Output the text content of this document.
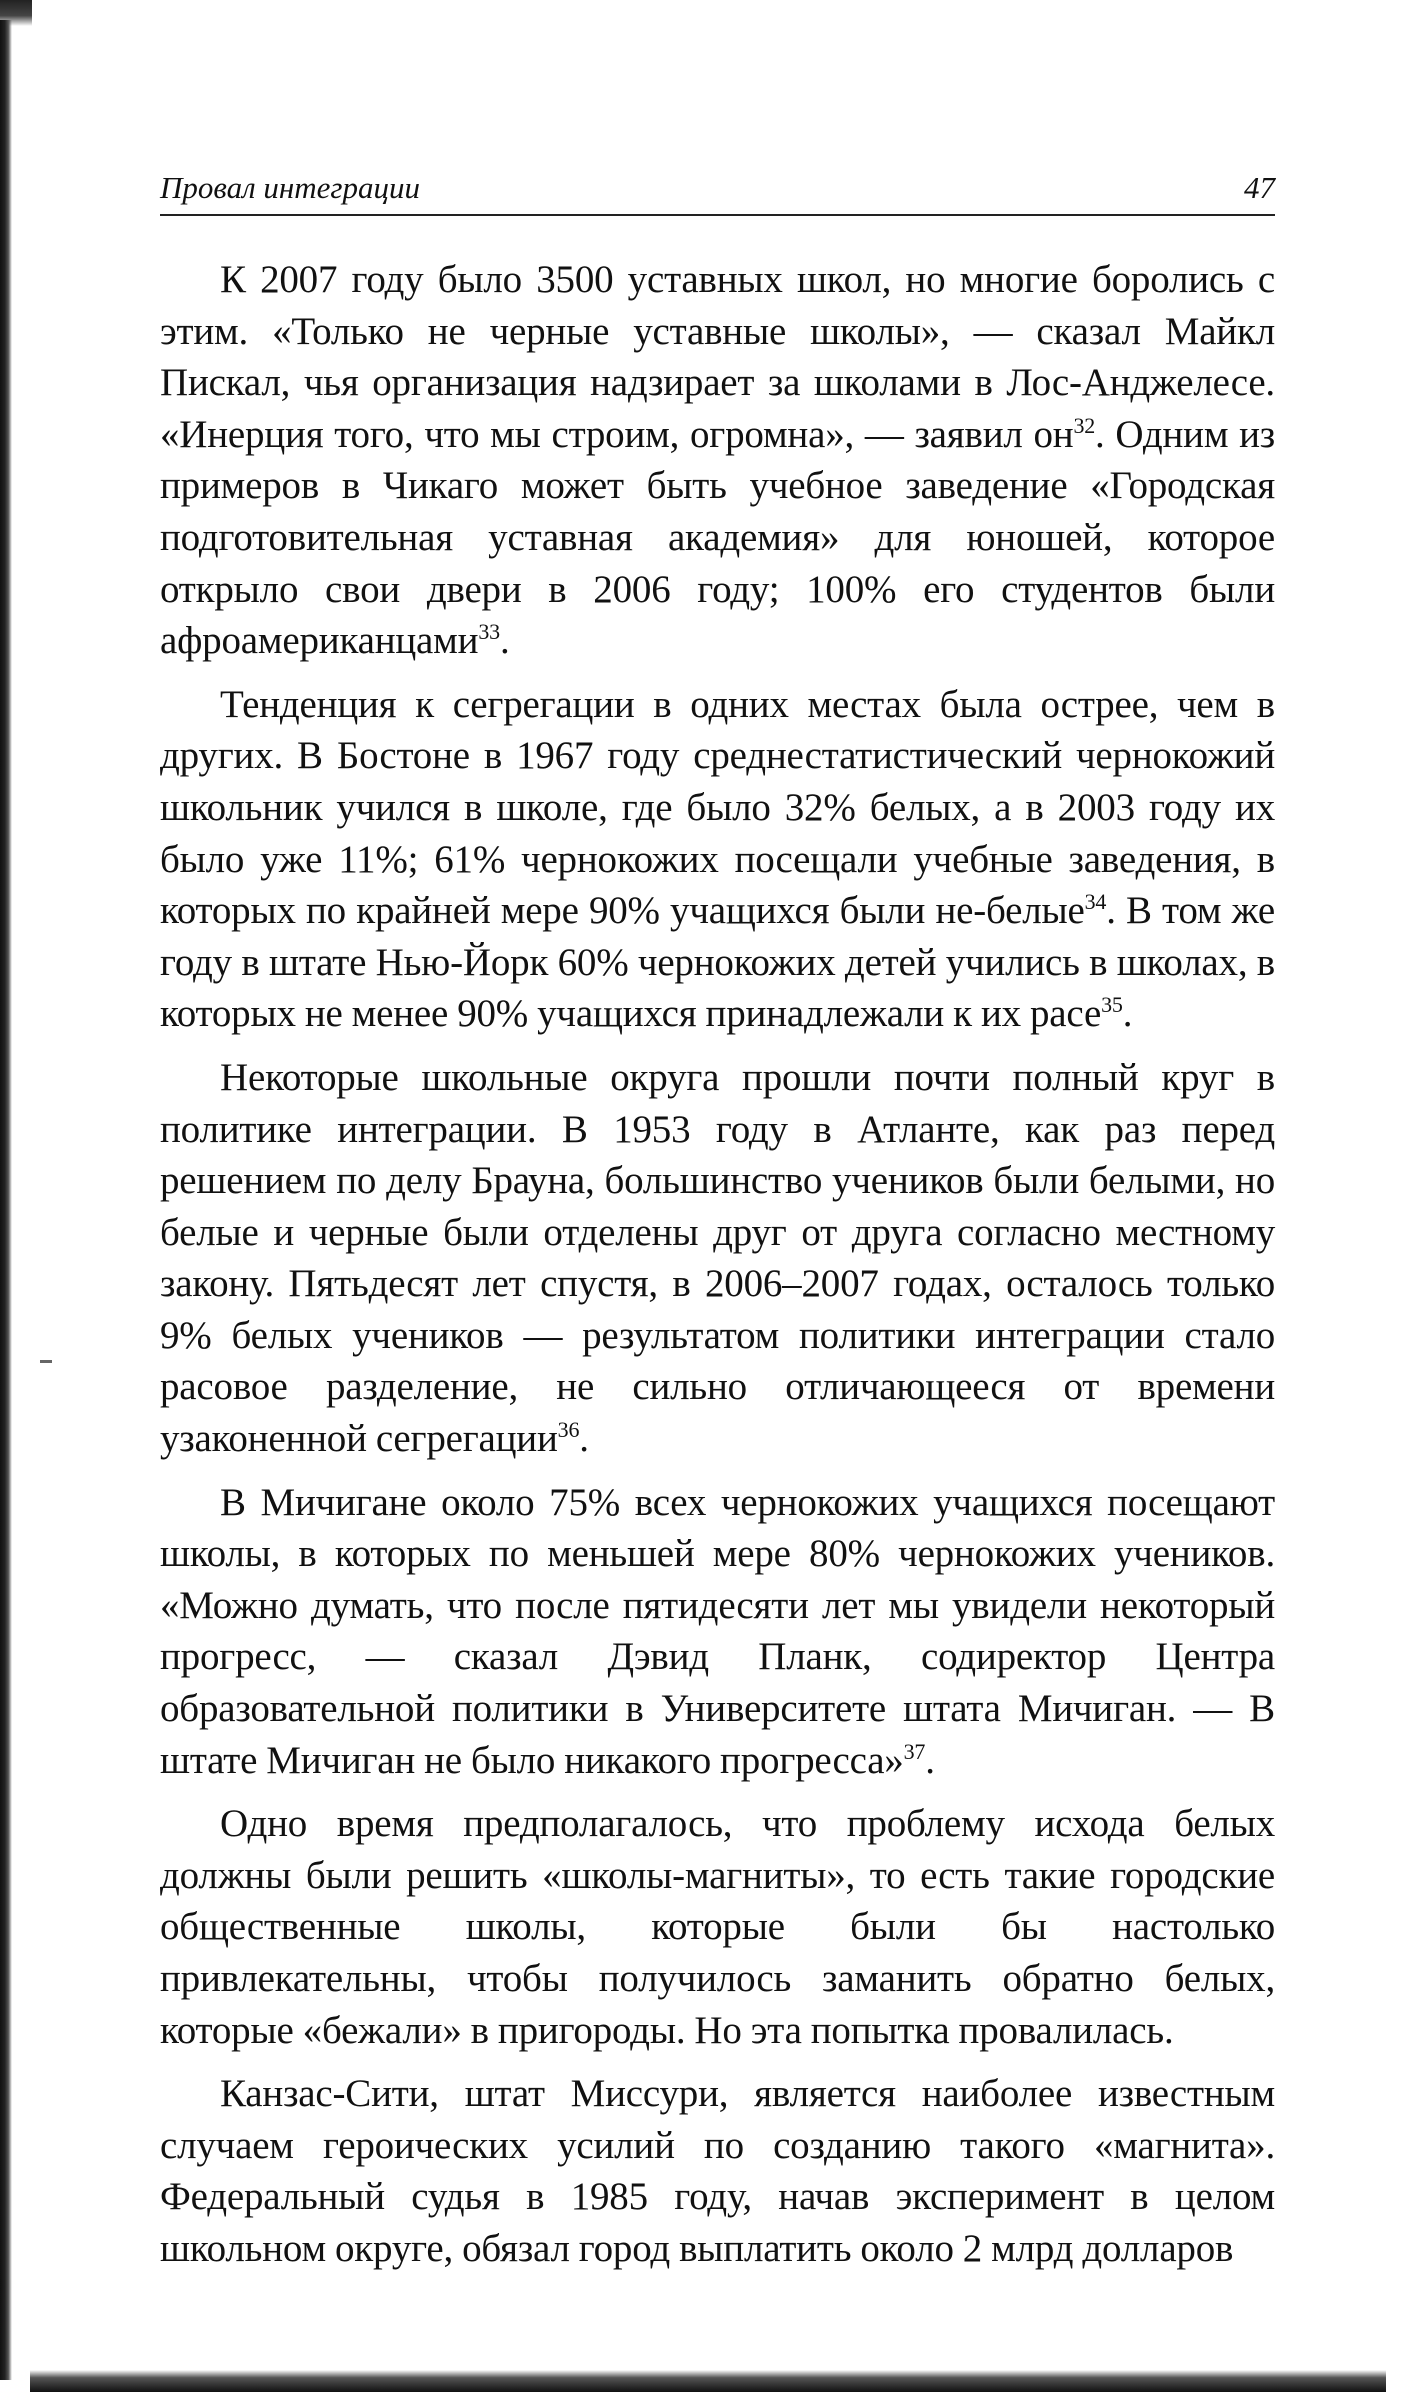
Провал интеграции	47

К 2007 году было 3500 уставных школ, но многие боролись с этим. «Только не черные уставные школы», — сказал Майкл Пискал, чья организация надзирает за школами в Лос-Анджелесе. «Инерция того, что мы строим, огромна», — заявил он$^{32}$. Одним из примеров в Чикаго может быть учебное заведение «Городская подготовительная уставная академия» для юношей, которое открыло свои двери в 2006 году; 100% его студентов были афроамериканцами$^{33}$.

Тенденция к сегрегации в одних местах была острее, чем в других. В Бостоне в 1967 году среднестатистический чернокожий школьник учился в школе, где было 32% белых, а в 2003 году их было уже 11%; 61% чернокожих посещали учебные заведения, в которых по крайней мере 90% учащихся были не-белые$^{34}$. В том же году в штате Нью-Йорк 60% чернокожих детей учились в школах, в которых не менее 90% учащихся принадлежали к их расе$^{35}$.

Некоторые школьные округа прошли почти полный круг в политике интеграции. В 1953 году в Атланте, как раз перед решением по делу Брауна, большинство учеников были белыми, но белые и черные были отделены друг от друга согласно местному закону. Пятьдесят лет спустя, в 2006–2007 годах, осталось только 9% белых учеников — результатом политики интеграции стало расовое разделение, не сильно отличающееся от времени узаконенной сегрегации$^{36}$.

В Мичигане около 75% всех чернокожих учащихся посещают школы, в которых по меньшей мере 80% чернокожих учеников. «Можно думать, что после пятидесяти лет мы увидели некоторый прогресс, — сказал Дэвид Планк, содиректор Центра образовательной политики в Университете штата Мичиган. — В штате Мичиган не было никакого прогресса»$^{37}$.

Одно время предполагалось, что проблему исхода белых должны были решить «школы-магниты», то есть такие городские общественные школы, которые были бы настолько привлекательны, чтобы получилось заманить обратно белых, которые «бежали» в пригороды. Но эта попытка провалилась.

Канзас-Сити, штат Миссури, является наиболее известным случаем героических усилий по созданию такого «магнита». Федеральный судья в 1985 году, начав эксперимент в целом школьном округе, обязал город выплатить около 2 млрд долларов
